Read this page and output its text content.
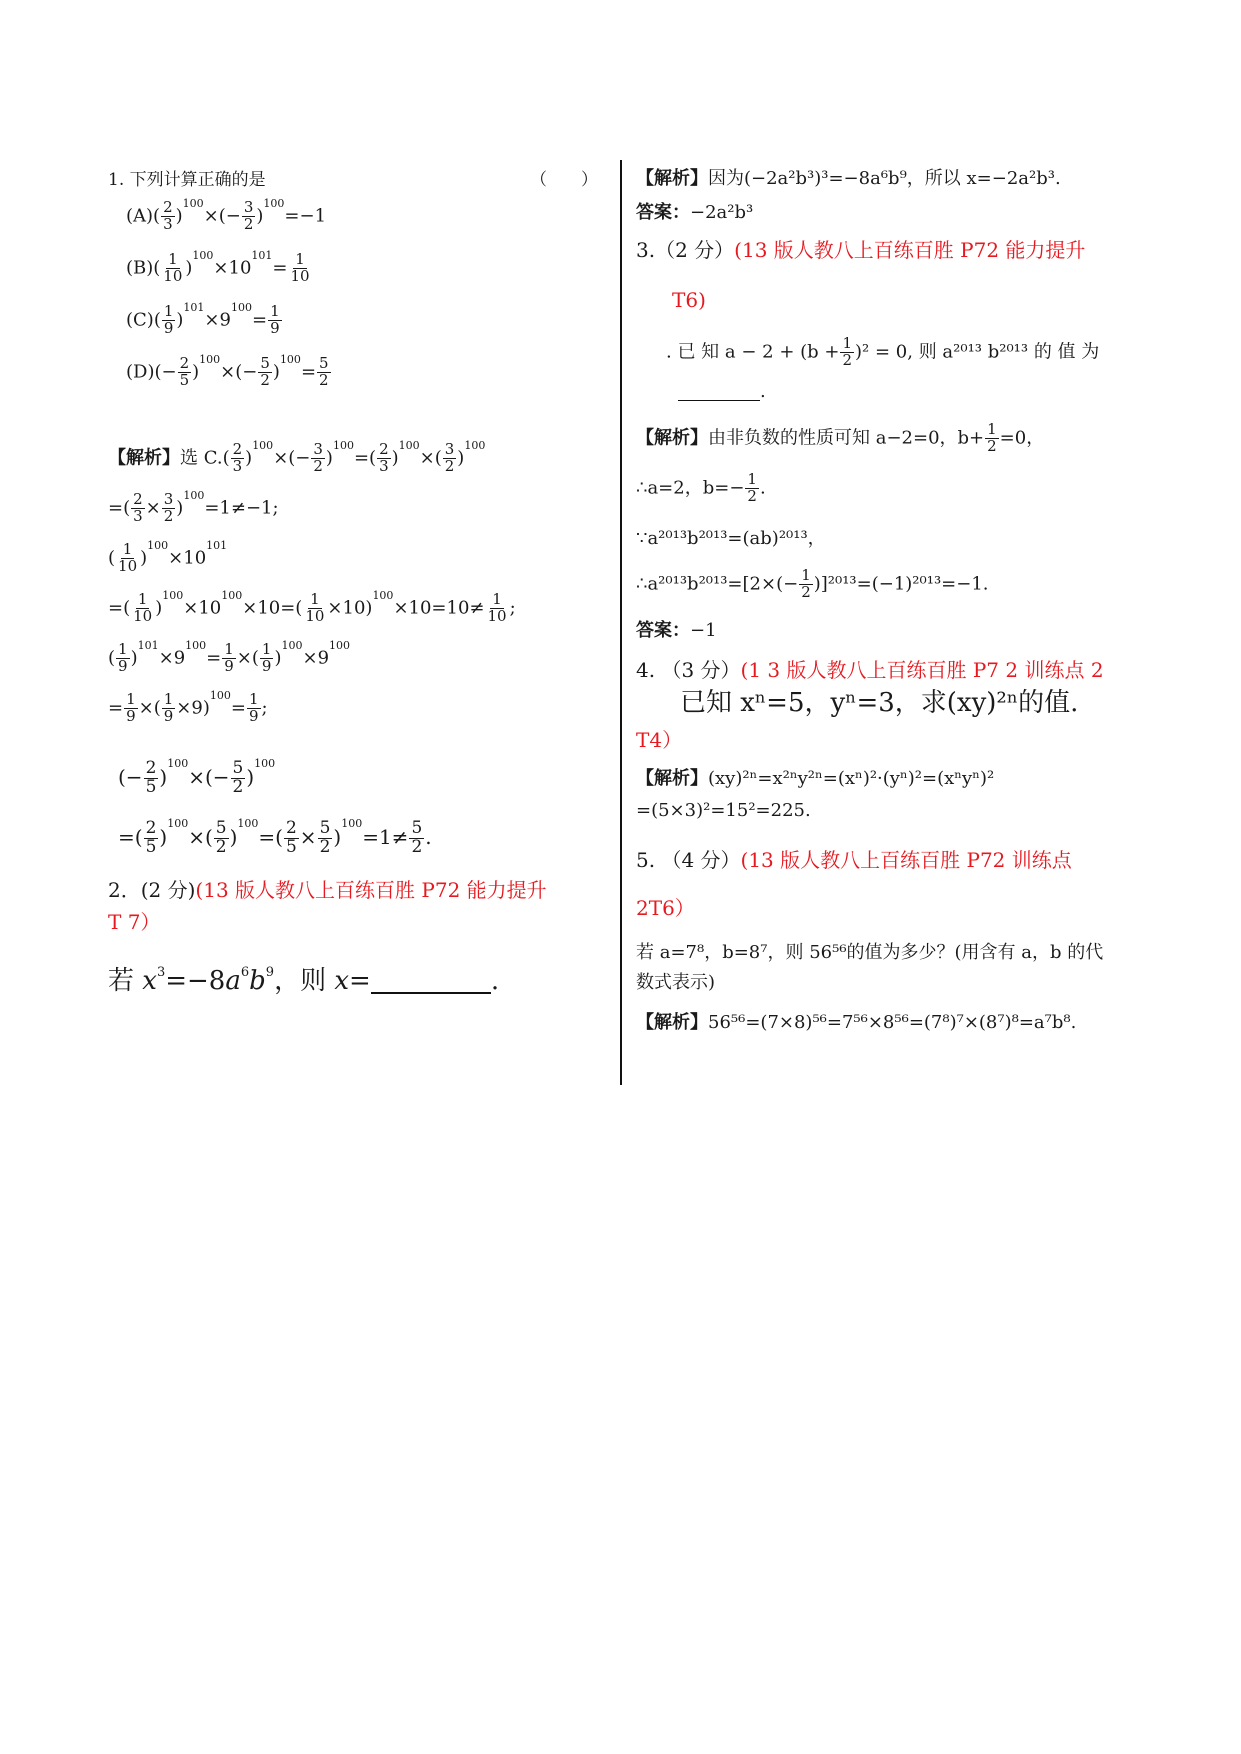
1. 下列计算正确的是	（　　）
$(A)( \frac{2}{3} )^{100}\times(- \frac{3}{2} )^{100}=-1$
$(B)( \frac{1}{10} )^{100}\times 10^{101}= \frac{1}{10}$
$(C)( \frac{1}{9} )^{101}\times 9^{100}= \frac{1}{9}$
$(D)(- \frac{2}{5} )^{100}\times(- \frac{5}{2} )^{100}= \frac{5}{2}$
【解析】选 $C.( \frac{2}{3} )^{100}\times(- \frac{3}{2} )^{100}=( \frac{2}{3} )^{100}\times( \frac{3}{2} )^{100}$
=( $\frac{2}{3} \times \frac{3}{2} )^{100}=1\ne-1$;
( $\frac{1}{10} )^{100}\times 10^{101}$
=( $\frac{1}{10} )^{100}\times 10^{100}\times 10=( \frac{1}{10} \times 10)^{100}\times 10=10\ne \frac{1}{10}$ ;
( $\frac{1}{9} )^{101}\times 9^{100}= \frac{1}{9}$ ×( $\frac{1}{9} )^{100}\times 9^{100}$
= $\frac{1}{9}$ ×( $\frac{1}{9} \times 9)^{100}= \frac{1}{9}$ ;
(− $\frac{2}{5} )^{100}\times(- \frac{5}{2} )^{100}$
=( $\frac{2}{5} )^{100}\times( \frac{5}{2} )^{100}=( \frac{2}{5} \times \frac{5}{2} )^{100}=1\ne \frac{5}{2}$ .
2．(2 分)(13 版人教八上百练百胜 P72 能力提升
T 7）
若 $x^3=-8a^6b^9$，则 x=	.
【解析】因为(−2a²b³)³=−8a⁶b⁹，所以 x=−2a²b³.
答案：−2a²b³
3.（2 分）(13 版人教八上百练百胜 P72 能力提升
T6)
. 已 知 $a - 2 + (b + \frac{1}{2} )^2 = 0$, 则 a²⁰¹³ b²⁰¹³ 的 值 为
.
【解析】由非负数的性质可知 a−2=0，$b+ \frac{1}{2} =0$，
∴a=2，$b=- \frac{1}{2}$ .
∵a²⁰¹³b²⁰¹³=(ab)²⁰¹³，
∴a²⁰¹³b²⁰¹³=[2×(− $\frac{1}{2} )]^{2013}=(-1)^{2013}=-1$.
答案：−1
4. （3 分）(1 3 版人教八上百练百胜 P7 2 训练点 2
已知 xⁿ=5，yⁿ=3，求(xy)²ⁿ的值.
T4）
【解析】(xy)²ⁿ=x²ⁿy²ⁿ=(xⁿ)²·(yⁿ)²=(xⁿyⁿ)²
=(5×3)²=15²=225.
5. （4 分）(13 版人教八上百练百胜 P72 训练点
2T6）
若 a=7⁸，b=8⁷，则 56⁵⁶的值为多少？(用含有 a，b 的代
数式表示)
【解析】56⁵⁶=(7×8)⁵⁶=7⁵⁶×8⁵⁶=(7⁸)⁷×(8⁷)⁸=a⁷b⁸.
